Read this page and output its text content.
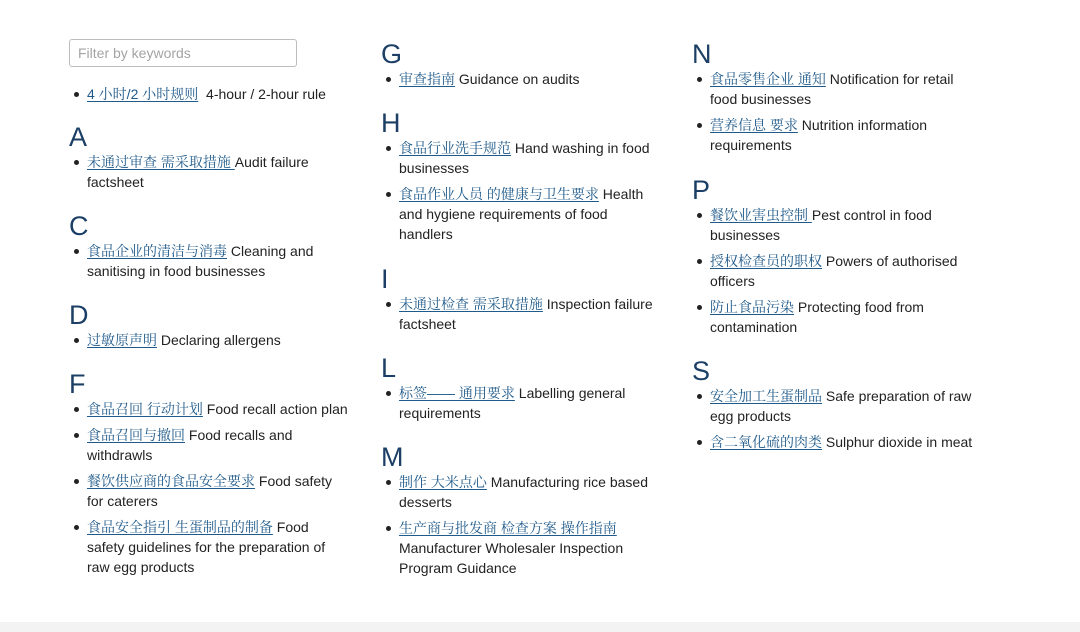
Filter by keywords
4 小时/2 小时规则 4-hour / 2-hour rule
A
未通过审查 需采取措施 Audit failure factsheet
C
食品企业的清洁与消毒 Cleaning and sanitising in food businesses
D
过敏原声明 Declaring allergens
F
食品召回 行动计划 Food recall action plan
食品召回与撤回 Food recalls and withdrawls
餐饮供应商的食品安全要求 Food safety for caterers
食品安全指引 生蛋制品的制备 Food safety guidelines for the preparation of raw egg products
G
审查指南 Guidance on audits
H
食品行业洗手规范 Hand washing in food businesses
食品作业人员 的健康与卫生要求 Health and hygiene requirements of food handlers
I
未通过检查 需采取措施 Inspection failure factsheet
L
标签—— 通用要求 Labelling general requirements
M
制作 大米点心 Manufacturing rice based desserts
生产商与批发商 检查方案 操作指南 Manufacturer Wholesaler Inspection Program Guidance
N
食品零售企业 通知 Notification for retail food businesses
营养信息 要求 Nutrition information requirements
P
餐饮业害虫控制 Pest control in food businesses
授权检查员的职权 Powers of authorised officers
防止食品污染 Protecting food from contamination
S
安全加工生蛋制品 Safe preparation of raw egg products
含二氧化硫的肉类 Sulphur dioxide in meat
